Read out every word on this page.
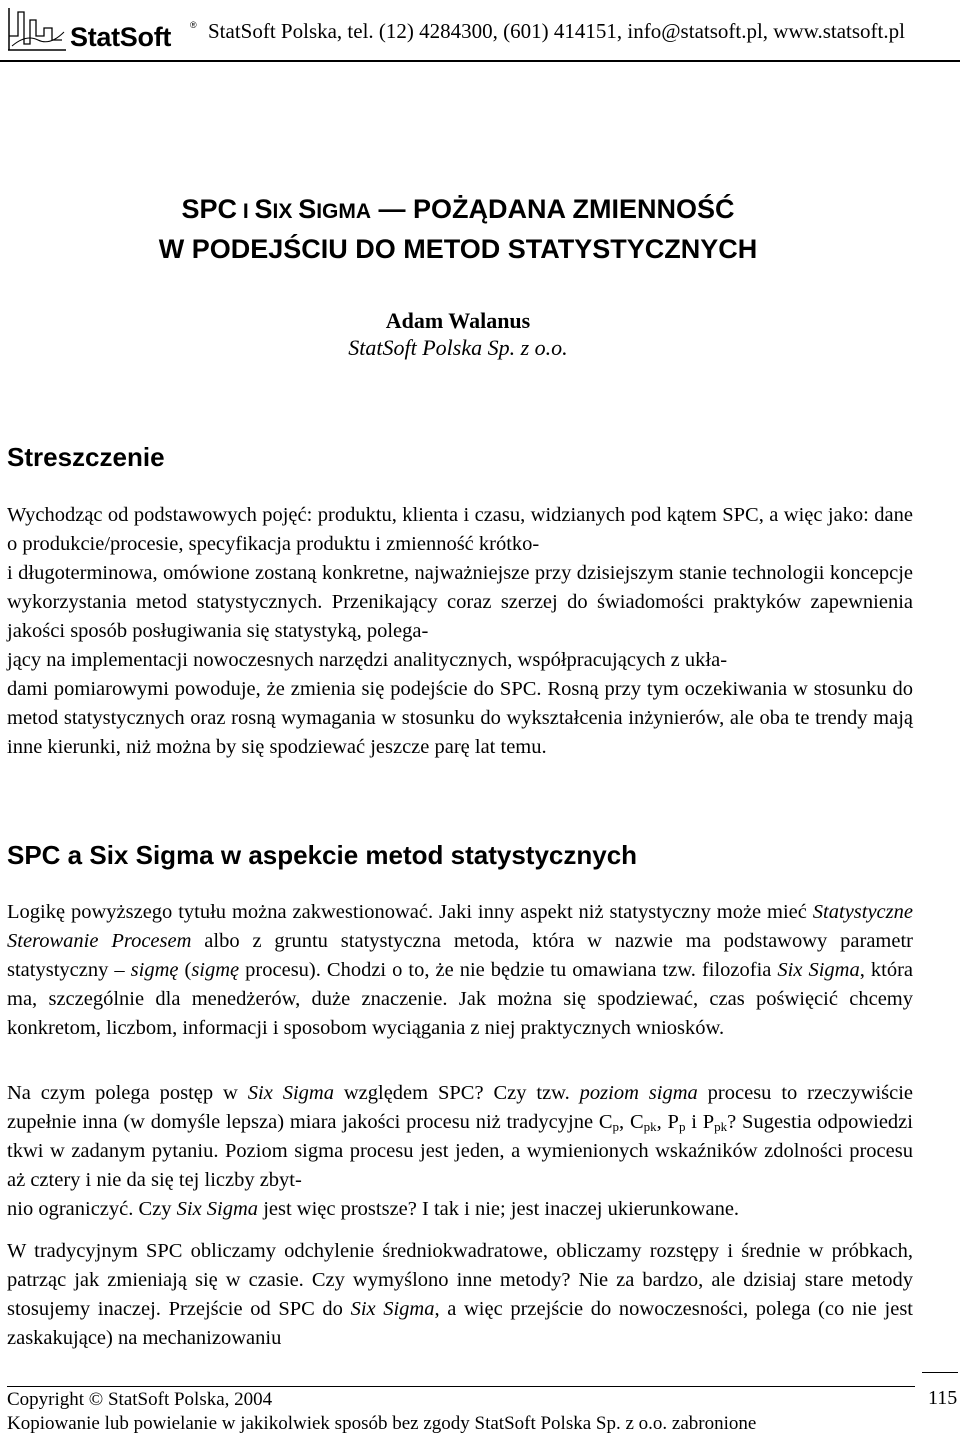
StatSoft ® StatSoft Polska, tel. (12) 4284300, (601) 414151, info@statsoft.pl, www.statsoft.pl
SPC I SIX SIGMA — POŻĄDANA ZMIENNOŚĆ
W PODEJŚCIU DO METOD STATYSTYCZNYCH
Adam Walanus
StatSoft Polska Sp. z o.o.
Streszczenie
Wychodząc od podstawowych pojęć: produktu, klienta i czasu, widzianych pod kątem SPC, a więc jako: dane o produkcie/procesie, specyfikacja produktu i zmienność krótko-
i długoterminowa, omówione zostaną konkretne, najważniejsze przy dzisiejszym stanie technologii koncepcje wykorzystania metod statystycznych. Przenikający coraz szerzej do świadomości praktyków zapewnienia jakości sposób posługiwania się statystyką, polega-
jący na implementacji nowoczesnych narzędzi analitycznych, współpracujących z ukła-
dami pomiarowymi powoduje, że zmienia się podejście do SPC. Rosną przy tym oczekiwania w stosunku do metod statystycznych oraz rosną wymagania w stosunku do wykształcenia inżynierów, ale oba te trendy mają inne kierunki, niż można by się spodziewać jeszcze parę lat temu.
SPC a Six Sigma w aspekcie metod statystycznych
Logikę powyższego tytułu można zakwestionować. Jaki inny aspekt niż statystyczny może mieć Statystyczne Sterowanie Procesem albo z gruntu statystyczna metoda, która w nazwie ma podstawowy parametr statystyczny – sigmę (sigmę procesu). Chodzi o to, że nie będzie tu omawiana tzw. filozofia Six Sigma, która ma, szczególnie dla menedżerów, duże znaczenie. Jak można się spodziewać, czas poświęcić chcemy konkretom, liczbom, informacji i sposobom wyciągania z niej praktycznych wniosków.
Na czym polega postęp w Six Sigma względem SPC? Czy tzw. poziom sigma procesu to rzeczywiście zupełnie inna (w domyśle lepsza) miara jakości procesu niż tradycyjne $C_p$, $C_{pk}$, $P_p$ i $P_{pk}$? Sugestia odpowiedzi tkwi w zadanym pytaniu. Poziom sigma procesu jest jeden, a wymienionych wskaźników zdolności procesu aż cztery i nie da się tej liczby zbyt-
nio ograniczyć. Czy Six Sigma jest więc prostsze? I tak i nie; jest inaczej ukierunkowane.
W tradycyjnym SPC obliczamy odchylenie średniokwadratowe, obliczamy rozstępy i średnie w próbkach, patrząc jak zmieniają się w czasie. Czy wymyślono inne metody? Nie za bardzo, ale dzisiaj stare metody stosujemy inaczej. Przejście od SPC do Six Sigma, a więc przejście do nowoczesności, polega (co nie jest zaskakujące) na mechanizowaniu
115
Copyright © StatSoft Polska, 2004
Kopiowanie lub powielanie w jakikolwiek sposób bez zgody StatSoft Polska Sp. z o.o. zabronione
